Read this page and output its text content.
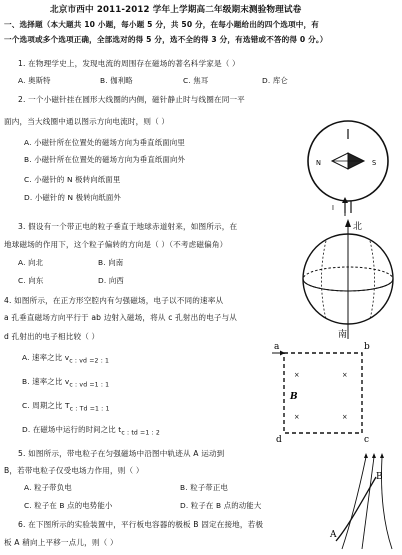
北京市西中 2011-2012 学年上学期高二年级期末测验物理试卷
一、选择题（本大题共 10 小题，每小题 5 分，共 50 分，在每小题给出的四个选项中，有
一个选项或多个选项正确，全部选对的得 5 分，选不全的得 3 分，有选错或不答的得 0 分。）
1. 在物理学史上，发现电流的周围存在磁场的著名科学家是（ ）
A. 奥斯特	B. 伽利略	C. 焦耳	D. 库仑
2. 一个小磁针挂在圆形大线圈的内侧，磁针静止时与线圈在同一平
面内，当大线圈中通以图示方向电流时，则（ ）
A. 小磁针所在位置处的磁场方向为垂直纸面向里
B. 小磁针所在位置处的磁场方向为垂直纸面向外
C. 小磁针的 N 极转向纸面里
D. 小磁针的 N 极转向纸面外
N	S
I
3. 假设有一个带正电的粒子垂直于地球赤道射来，如图所示，在
地球磁场的作用下，这个粒子偏转的方向是（ ）（不考虑磁偏角）
A. 向北	B. 向南
C. 向东	D. 向西
北
南
4. 如图所示，在正方形空腔内有匀强磁场，电子以不同的速率从
a 孔垂直磁场方向平行于 ab 边射入磁场，将从 c 孔射出的电子与从
d 孔射出的电子相比较（ ）
A. 速率之比 $v_{c : vd =2 : 1}$
B. 速率之比 $v_{c : vd =1 : 1}$
C. 周期之比 $T_{c : Td =1 : 1}$
D. 在磁场中运行的时间之比 $t_{c : td =1 : 2}$
a	b
c
d
×	×
×	×
B
5. 如图所示，带电粒子在匀强磁场中沿图中轨迹从 A 运动到
B，若带电粒子仅受电场力作用，则（ ）
A. 粒子带负电	B. 粒子带正电
C. 粒子在 B 点的电势能小	D. 粒子在 B 点的动能大
A
B
6. 在下图所示的实验装置中，平行板电容器的极板 B 固定在接地，若极
板 A 稍向上平移一点儿，则（ ）
